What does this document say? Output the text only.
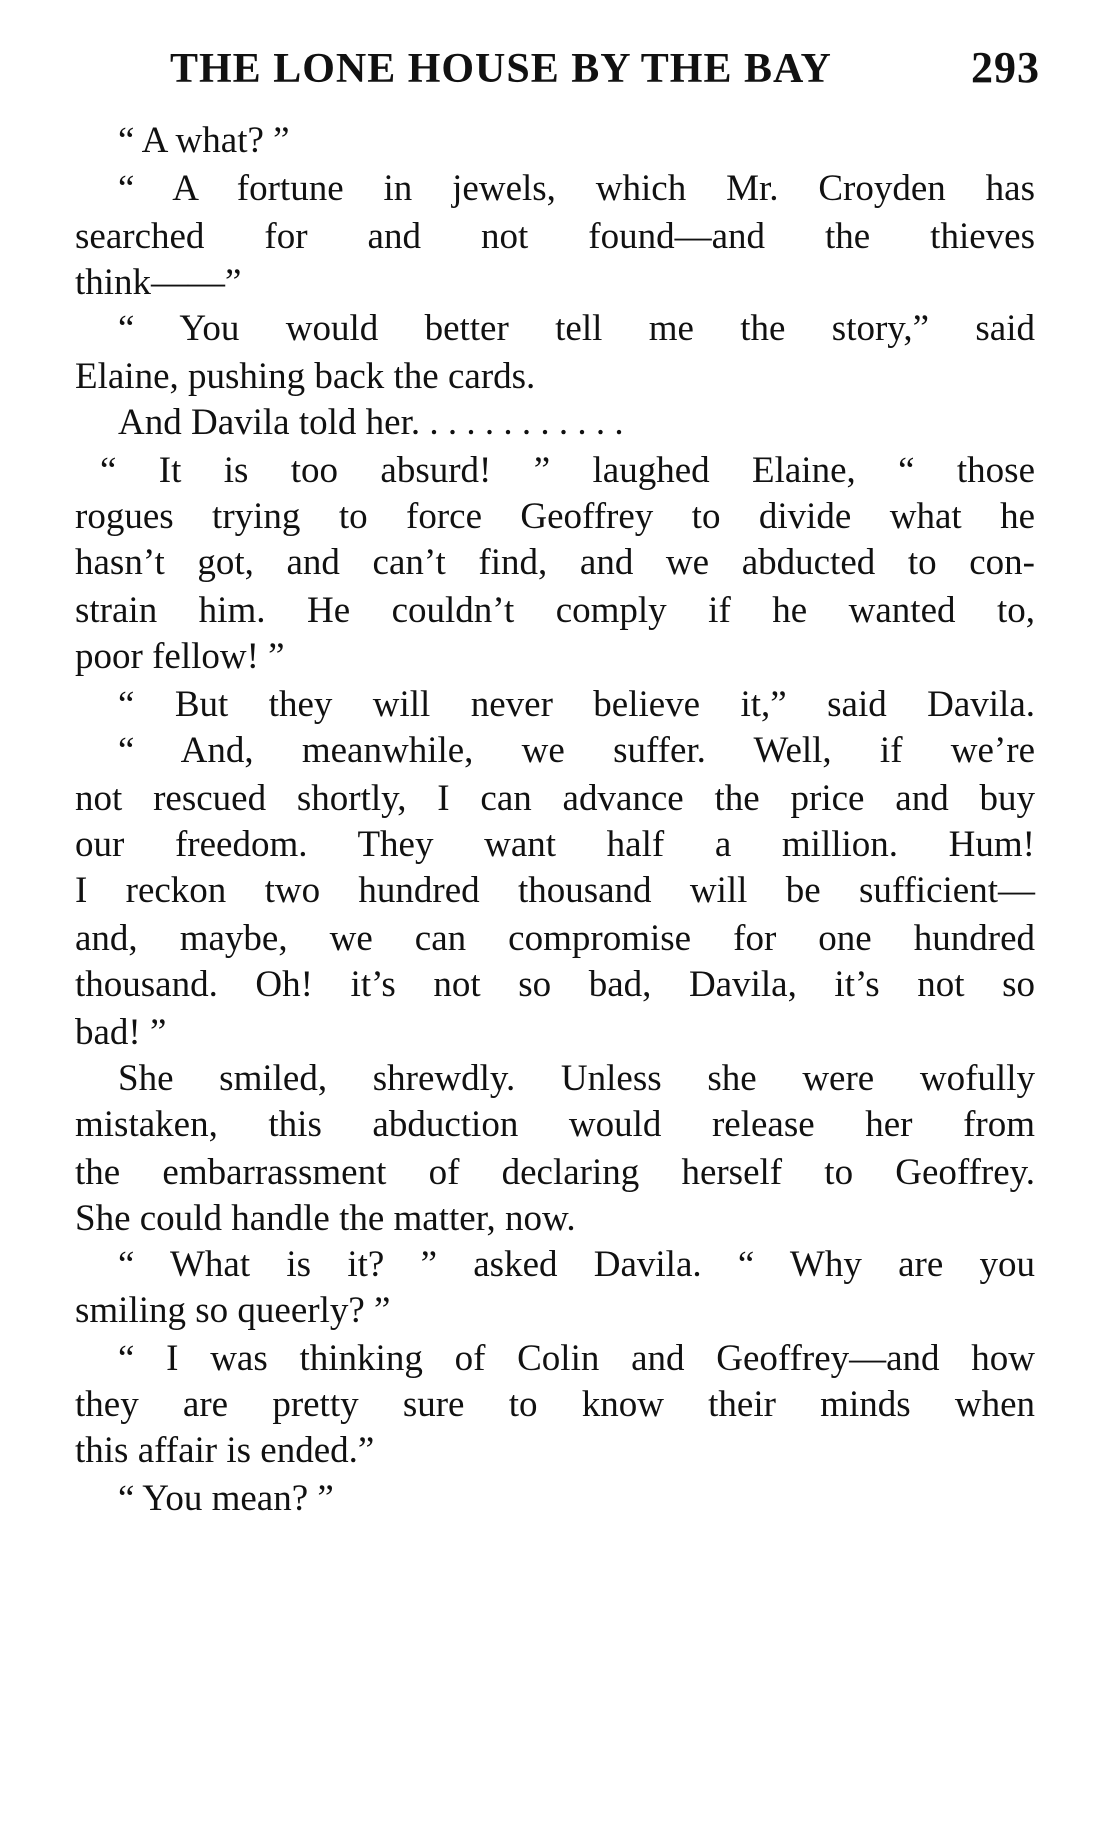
THE LONE HOUSE BY THE BAY	293
“ A what? ”
“ A fortune in jewels, which Mr. Croyden has
searched for and not found—and the thieves
think——”
“ You would better tell me the story,” said
Elaine, pushing back the cards.
And Davila told her. . . . . . . . . . . .
“ It is too absurd! ” laughed Elaine, “ those
rogues trying to force Geoffrey to divide what he
hasn’t got, and can’t find, and we abducted to con-
strain him. He couldn’t comply if he wanted to,
poor fellow! ”
“ But they will never believe it,” said Davila.
“ And, meanwhile, we suffer. Well, if we’re
not rescued shortly, I can advance the price and buy
our freedom. They want half a million. Hum!
I reckon two hundred thousand will be sufficient—
and, maybe, we can compromise for one hundred
thousand. Oh! it’s not so bad, Davila, it’s not so
bad! ”
She smiled, shrewdly. Unless she were wofully
mistaken, this abduction would release her from
the embarrassment of declaring herself to Geoffrey.
She could handle the matter, now.
“ What is it? ” asked Davila. “ Why are you
smiling so queerly? ”
“ I was thinking of Colin and Geoffrey—and how
they are pretty sure to know their minds when
this affair is ended.”
“ You mean? ”
